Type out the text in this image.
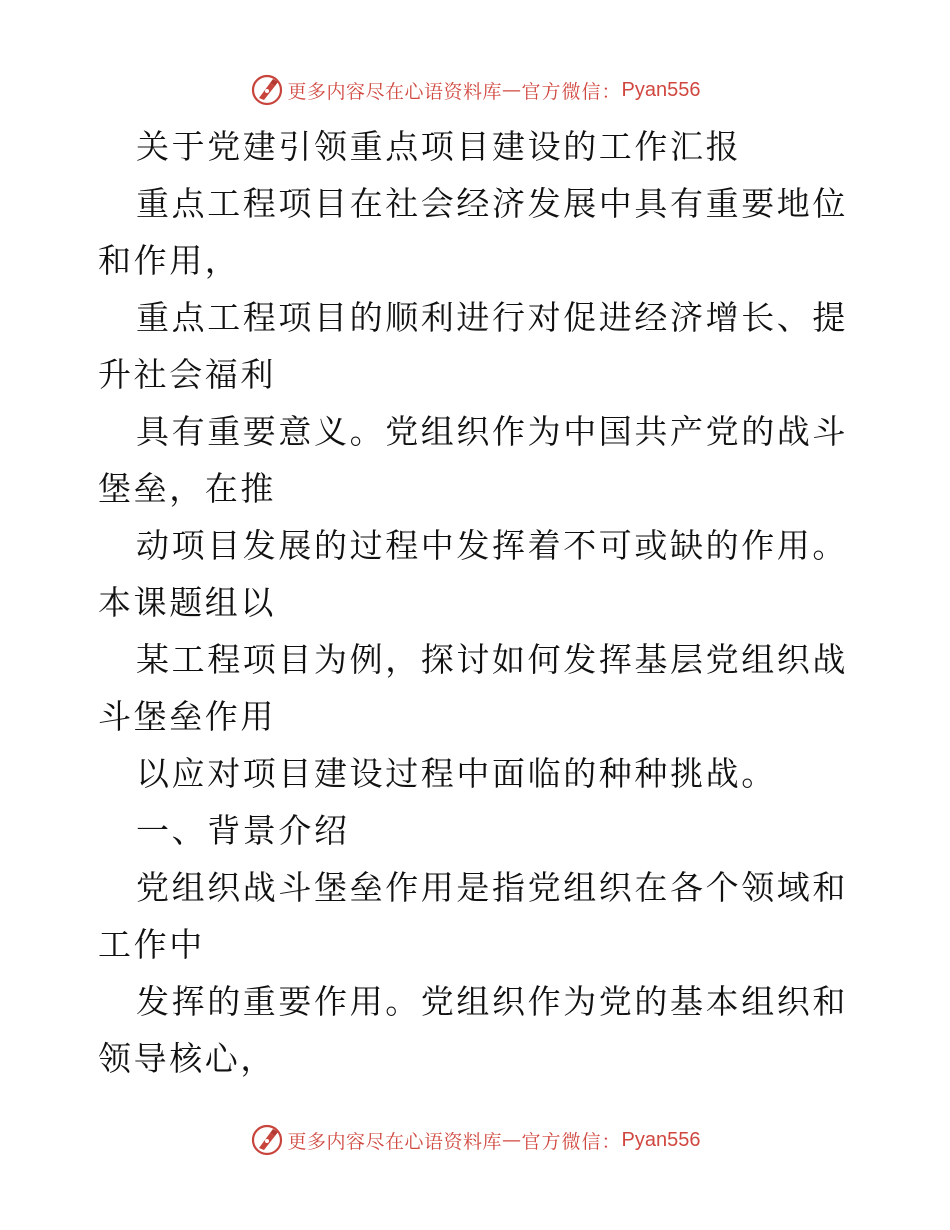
更多内容尽在心语资料库 — 官方微信： Pyan556

关于党建引领重点项目建设的工作汇报

重点工程项目在社会经济发展中具有重要地位和作用，

重点工程项目的顺利进行对促进经济增长、提升社会福利

具有重要意义。党组织作为中国共产党的战斗堡垒，在推

动项目发展的过程中发挥着不可或缺的作用。本课题组以

某工程项目为例，探讨如何发挥基层党组织战斗堡垒作用

以应对项目建设过程中面临的种种挑战。

一、背景介绍

党组织战斗堡垒作用是指党组织在各个领域和工作中

发挥的重要作用。党组织作为党的基本组织和领导核心，

更多内容尽在心语资料库 — 官方微信： Pyan556
